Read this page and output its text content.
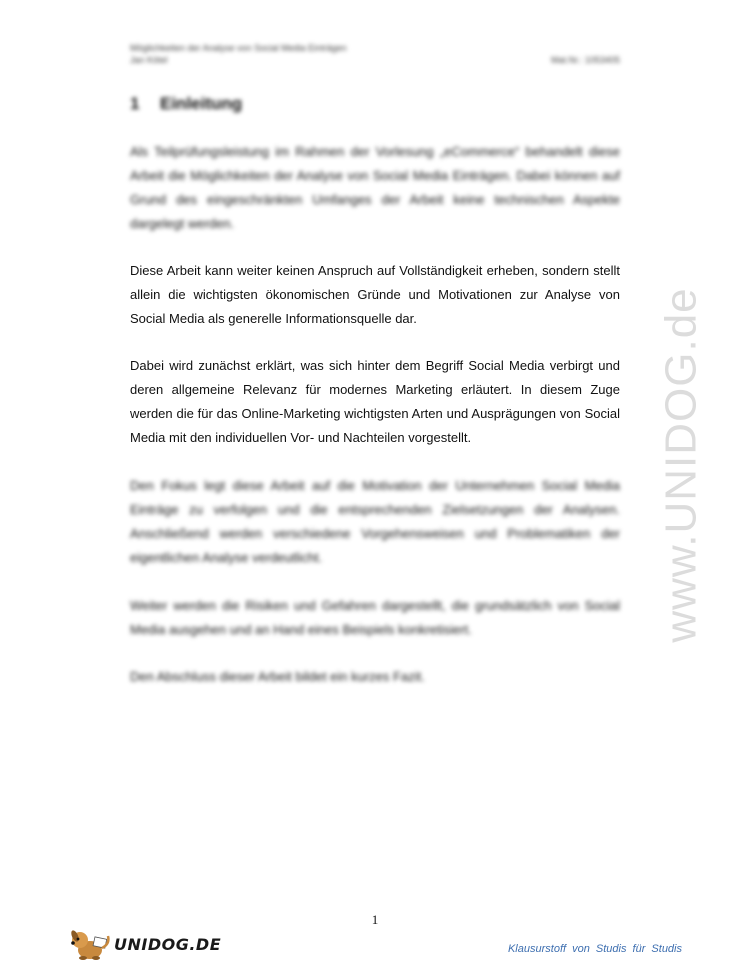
Möglichkeiten der Analyse von Social Media Einträgen
Jan Kötel	Mat.Nr.: 1053405
1 Einleitung

Als Teilprüfungsleistung im Rahmen der Vorlesung „eCommerce“ behandelt diese Arbeit die Möglichkeiten der Analyse von Social Media Einträgen. Dabei können auf Grund des eingeschränkten Umfanges der Arbeit keine technischen Aspekte dargelegt werden.

Diese Arbeit kann weiter keinen Anspruch auf Vollständigkeit erheben, sondern stellt allein die wichtigsten ökonomischen Gründe und Motivationen zur Analyse von Social Media als generelle Informationsquelle dar.

Dabei wird zunächst erklärt, was sich hinter dem Begriff Social Media verbirgt und deren allgemeine Relevanz für modernes Marketing erläutert. In diesem Zuge werden die für das Online-Marketing wichtigsten Arten und Ausprägungen von Social Media mit den individuellen Vor- und Nachteilen vorgestellt.

Den Fokus legt diese Arbeit auf die Motivation der Unternehmen Social Media Einträge zu verfolgen und die entsprechenden Zielsetzungen der Analysen. Anschließend werden verschiedene Vorgehensweisen und Problematiken der eigentlichen Analyse verdeutlicht.

Weiter werden die Risiken und Gefahren dargestellt, die grundsätzlich von Social Media ausgehen und an Hand eines Beispiels konkretisiert.

Den Abschluss dieser Arbeit bildet ein kurzes Fazit.

www.UNIDOG.de
1
UNIDOG.DE	Klausurstoff von Studis für Studis
